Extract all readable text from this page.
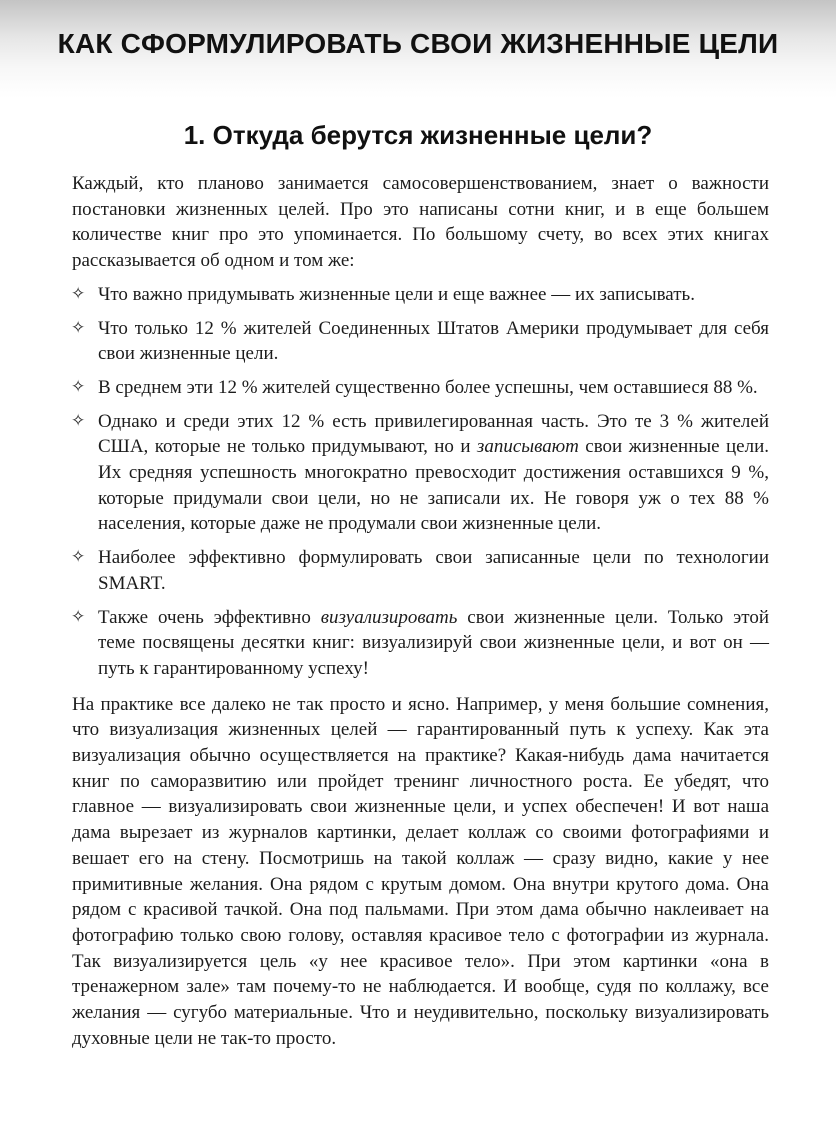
КАК СФОРМУЛИРОВАТЬ СВОИ ЖИЗНЕННЫЕ ЦЕЛИ
1. Откуда берутся жизненные цели?

Каждый, кто планово занимается самосовершенствованием, знает о важности постановки жизненных целей. Про это написаны сотни книг, и в еще большем количестве книг про это упоминается. По большому счету, во всех этих книгах рассказывается об одном и том же:

✧ Что важно придумывать жизненные цели и еще важнее — их записывать.
✧ Что только 12 % жителей Соединенных Штатов Америки продумывает для себя свои жизненные цели.
✧ В среднем эти 12 % жителей существенно более успешны, чем оставшиеся 88 %.
✧ Однако и среди этих 12 % есть привилегированная часть. Это те 3 % жителей США, которые не только придумывают, но и записывают свои жизненные цели. Их средняя успешность многократно превосходит достижения оставшихся 9 %, которые придумали свои цели, но не записали их. Не говоря уж о тех 88 % населения, которые даже не продумали свои жизненные цели.
✧ Наиболее эффективно формулировать свои записанные цели по технологии SMART.
✧ Также очень эффективно визуализировать свои жизненные цели. Только этой теме посвящены десятки книг: визуализируй свои жизненные цели, и вот он — путь к гарантированному успеху!

На практике все далеко не так просто и ясно. Например, у меня большие сомнения, что визуализация жизненных целей — гарантированный путь к успеху. Как эта визуализация обычно осуществляется на практике? Какая-нибудь дама начитается книг по саморазвитию или пройдет тренинг личностного роста. Ее убедят, что главное — визуализировать свои жизненные цели, и успех обеспечен! И вот наша дама вырезает из журналов картинки, делает коллаж со своими фотографиями и вешает его на стену. Посмотришь на такой коллаж — сразу видно, какие у нее примитивные желания. Она рядом с крутым домом. Она внутри крутого дома. Она рядом с красивой тачкой. Она под пальмами. При этом дама обычно наклеивает на фотографию только свою голову, оставляя красивое тело с фотографии из журнала. Так визуализируется цель «у нее красивое тело». При этом картинки «она в тренажерном зале» там почему-то не наблюдается. И вообще, судя по коллажу, все желания — сугубо материальные. Что и неудивительно, поскольку визуализировать духовные цели не так-то просто.
